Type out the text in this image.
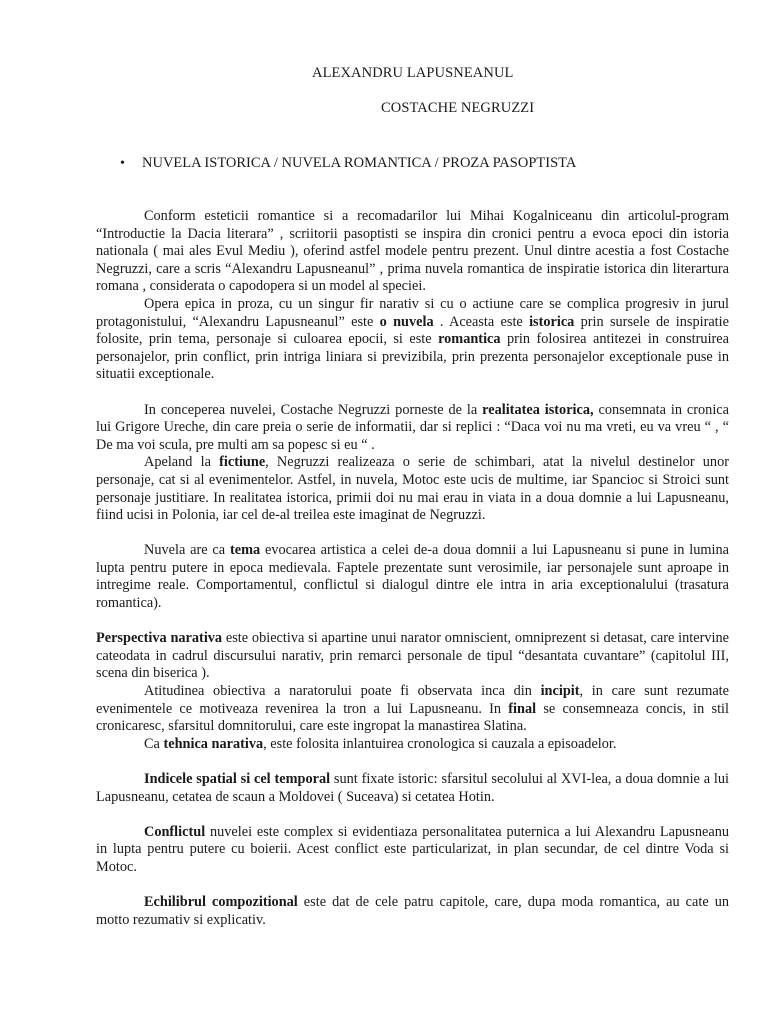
ALEXANDRU LAPUSNEANUL
COSTACHE NEGRUZZI
• NUVELA ISTORICA / NUVELA ROMANTICA / PROZA PASOPTISTA

Conform esteticii romantice si a recomadarilor lui Mihai Kogalniceanu din articolul-program “Introductie la Dacia literara” , scriitorii pasoptisti se inspira din cronici pentru a evoca epoci din istoria nationala ( mai ales Evul Mediu ), oferind astfel modele pentru prezent. Unul dintre acestia a fost Costache Negruzzi, care a scris “Alexandru Lapusneanul” , prima nuvela romantica de inspiratie istorica din literartura romana , considerata o capodopera si un model al speciei.

Opera epica in proza, cu un singur fir narativ si cu o actiune care se complica progresiv in jurul protagonistului, “Alexandru Lapusneanul” este o nuvela . Aceasta este istorica prin sursele de inspiratie folosite, prin tema, personaje si culoarea epocii, si este romantica prin folosirea antitezei in construirea personajelor, prin conflict, prin intriga liniara si previzibila, prin prezenta personajelor exceptionale puse in situatii exceptionale.

In conceperea nuvelei, Costache Negruzzi porneste de la realitatea istorica, consemnata in cronica lui Grigore Ureche, din care preia o serie de informatii, dar si replici : “Daca voi nu ma vreti, eu va vreu “ , “ De ma voi scula, pre multi am sa popesc si eu “ .

Apeland la fictiune, Negruzzi realizeaza o serie de schimbari, atat la nivelul destinelor unor personaje, cat si al evenimentelor. Astfel, in nuvela, Motoc este ucis de multime, iar Spancioc si Stroici sunt personaje justitiare. In realitatea istorica, primii doi nu mai erau in viata in a doua domnie a lui Lapusneanu, fiind ucisi in Polonia, iar cel de-al treilea este imaginat de Negruzzi.

Nuvela are ca tema evocarea artistica a celei de-a doua domnii a lui Lapusneanu si pune in lumina lupta pentru putere in epoca medievala. Faptele prezentate sunt verosimile, iar personajele sunt aproape in intregime reale. Comportamentul, conflictul si dialogul dintre ele intra in aria exceptionalului (trasatura romantica).

Perspectiva narativa este obiectiva si apartine unui narator omniscient, omniprezent si detasat, care intervine cateodata in cadrul discursului narativ, prin remarci personale de tipul “desantata cuvantare” (capitolul III, scena din biserica ).

Atitudinea obiectiva a naratorului poate fi observata inca din incipit, in care sunt rezumate evenimentele ce motiveaza revenirea la tron a lui Lapusneanu. In final se consemneaza concis, in stil cronicaresc, sfarsitul domnitorului, care este ingropat la manastirea Slatina.

Ca tehnica narativa, este folosita inlantuirea cronologica si cauzala a episoadelor.

Indicele spatial si cel temporal sunt fixate istoric: sfarsitul secolului al XVI-lea, a doua domnie a lui Lapusneanu, cetatea de scaun a Moldovei ( Suceava) si cetatea Hotin.

Conflictul nuvelei este complex si evidentiaza personalitatea puternica a lui Alexandru Lapusneanu in lupta pentru putere cu boierii. Acest conflict este particularizat, in plan secundar, de cel dintre Voda si Motoc.

Echilibrul compozitional este dat de cele patru capitole, care, dupa moda romantica, au cate un motto rezumativ si explicativ.
